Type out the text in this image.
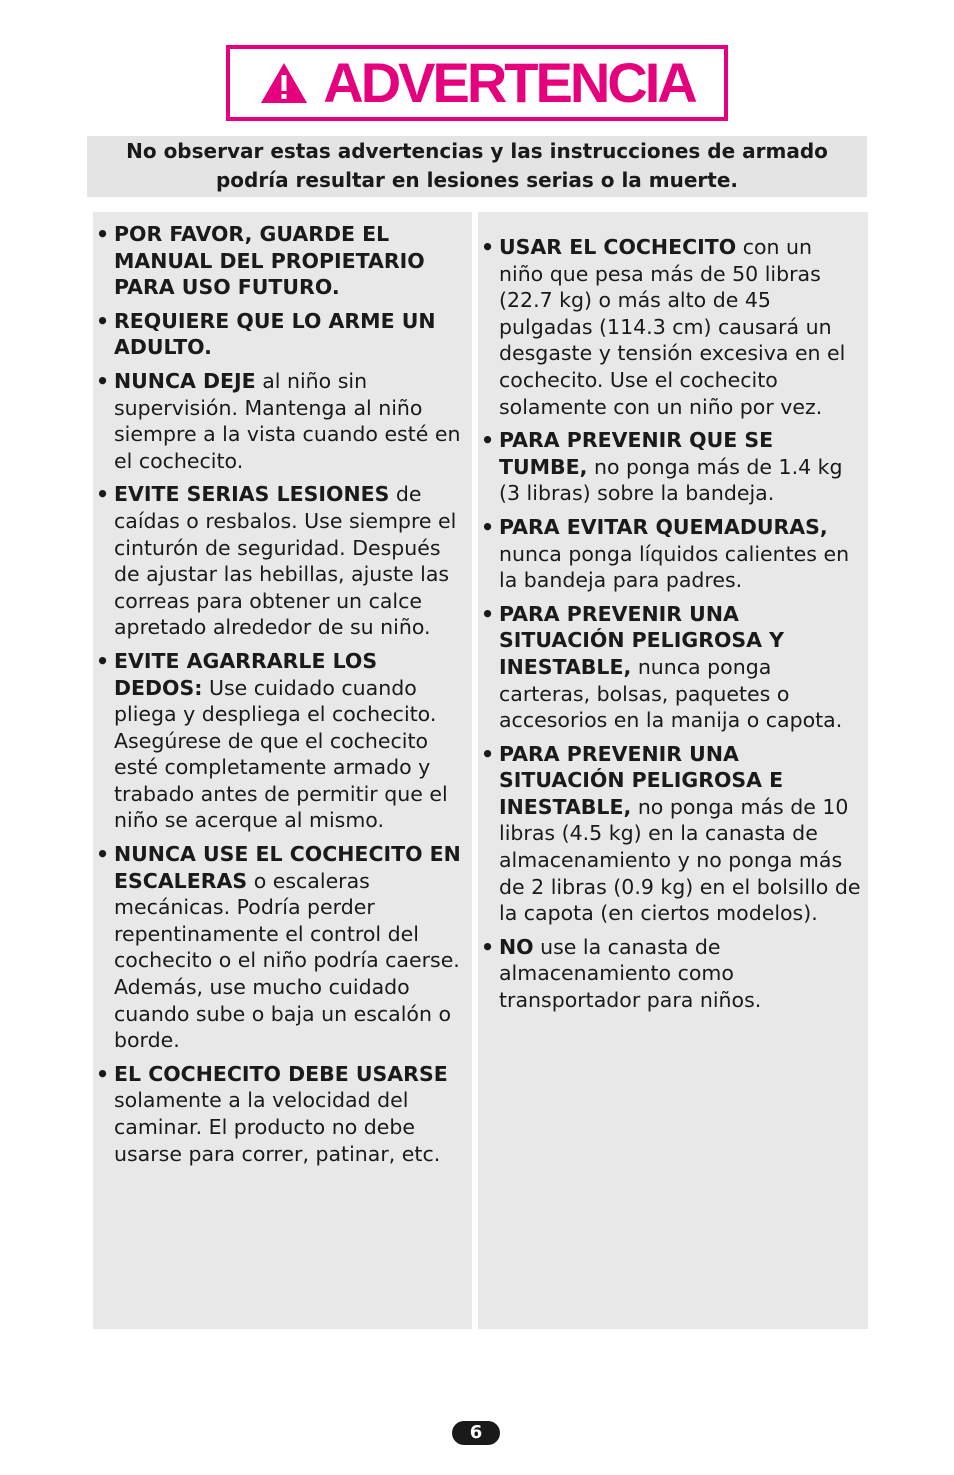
ADVERTENCIA
No observar estas advertencias y las instrucciones de armado
podría resultar en lesiones serias o la muerte.
• POR FAVOR, GUARDE EL MANUAL DEL PROPIETARIO PARA USO FUTURO.
• REQUIERE QUE LO ARME UN ADULTO.
• NUNCA DEJE al niño sin supervisión. Mantenga al niño siempre a la vista cuando esté en el cochecito.
• EVITE SERIAS LESIONES de caídas o resbalos. Use siempre el cinturón de seguridad. Después de ajustar las hebillas, ajuste las correas para obtener un calce apretado alrededor de su niño.
• EVITE AGARRARLE LOS DEDOS: Use cuidado cuando pliega y despliega el cochecito. Asegúrese de que el cochecito esté completamente armado y trabado antes de permitir que el niño se acerque al mismo.
• NUNCA USE EL COCHECITO EN ESCALERAS o escaleras mecánicas. Podría perder repentinamente el control del cochecito o el niño podría caerse. Además, use mucho cuidado cuando sube o baja un escalón o borde.
• EL COCHECITO DEBE USARSE solamente a la velocidad del caminar. El producto no debe usarse para correr, patinar, etc.
• USAR EL COCHECITO con un niño que pesa más de 50 libras (22.7 kg) o más alto de 45 pulgadas (114.3 cm) causará un desgaste y tensión excesiva en el cochecito. Use el cochecito solamente con un niño por vez.
• PARA PREVENIR QUE SE TUMBE, no ponga más de 1.4 kg (3 libras) sobre la bandeja.
• PARA EVITAR QUEMADURAS, nunca ponga líquidos calientes en la bandeja para padres.
• PARA PREVENIR UNA SITUACIÓN PELIGROSA Y INESTABLE, nunca ponga carteras, bolsas, paquetes o accesorios en la manija o capota.
• PARA PREVENIR UNA SITUACIÓN PELIGROSA E INESTABLE, no ponga más de 10 libras (4.5 kg) en la canasta de almacenamiento y no ponga más de 2 libras (0.9 kg) en el bolsillo de la capota (en ciertos modelos).
• NO use la canasta de almacenamiento como transportador para niños.
6
